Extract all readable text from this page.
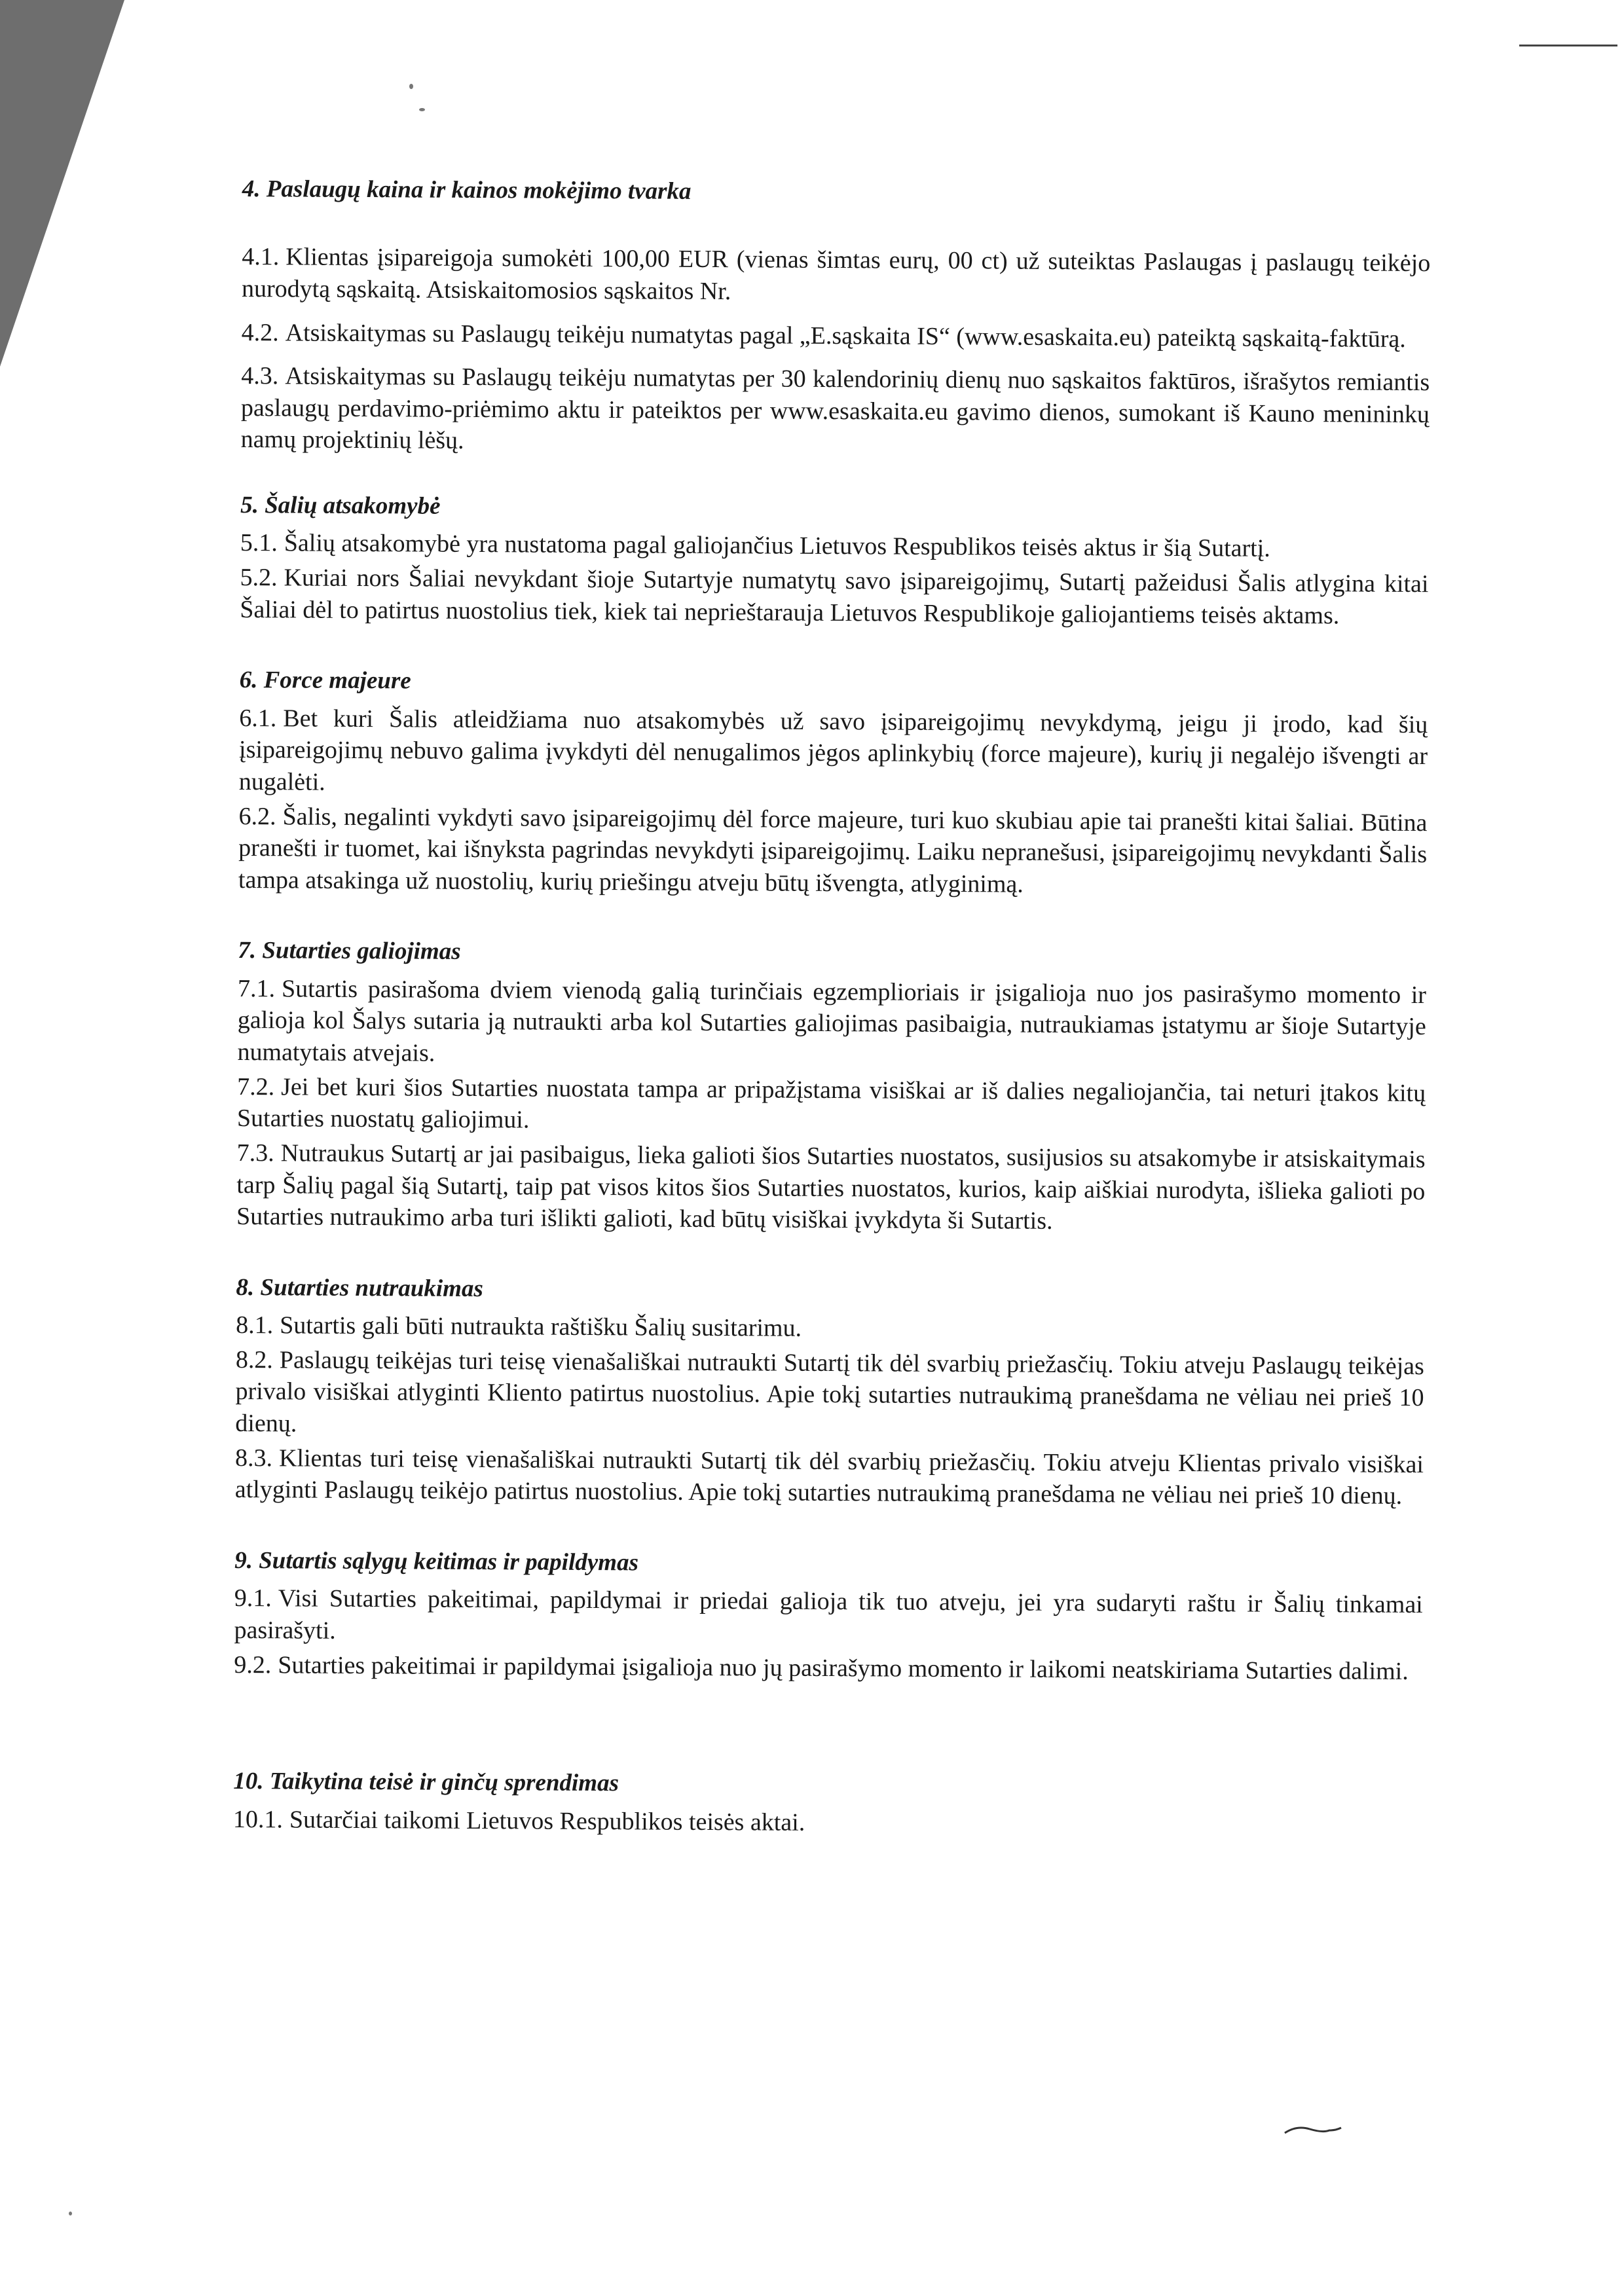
4. Paslaugų kaina ir kainos mokėjimo tvarka

4.1. Klientas įsipareigoja sumokėti 100,00 EUR (vienas šimtas eurų, 00 ct) už suteiktas Paslaugas į paslaugų teikėjo nurodytą sąskaitą. Atsiskaitomosios sąskaitos Nr.

4.2. Atsiskaitymas su Paslaugų teikėju numatytas pagal „E.sąskaita IS“ (www.esaskaita.eu) pateiktą sąskaitą-faktūrą.

4.3. Atsiskaitymas su Paslaugų teikėju numatytas per 30 kalendorinių dienų nuo sąskaitos faktūros, išrašytos remiantis paslaugų perdavimo-priėmimo aktu ir pateiktos per www.esaskaita.eu gavimo dienos, sumokant iš Kauno menininkų namų projektinių lėšų.

5. Šalių atsakomybė

5.1. Šalių atsakomybė yra nustatoma pagal galiojančius Lietuvos Respublikos teisės aktus ir šią Sutartį.

5.2. Kuriai nors Šaliai nevykdant šioje Sutartyje numatytų savo įsipareigojimų, Sutartį pažeidusi Šalis atlygina kitai Šaliai dėl to patirtus nuostolius tiek, kiek tai neprieštarauja Lietuvos Respublikoje galiojantiems teisės aktams.

6. Force majeure

6.1. Bet kuri Šalis atleidžiama nuo atsakomybės už savo įsipareigojimų nevykdymą, jeigu ji įrodo, kad šių įsipareigojimų nebuvo galima įvykdyti dėl nenugalimos jėgos aplinkybių (force majeure), kurių ji negalėjo išvengti ar nugalėti.

6.2. Šalis, negalinti vykdyti savo įsipareigojimų dėl force majeure, turi kuo skubiau apie tai pranešti kitai šaliai. Būtina pranešti ir tuomet, kai išnyksta pagrindas nevykdyti įsipareigojimų. Laiku nepranešusi, įsipareigojimų nevykdanti Šalis tampa atsakinga už nuostolių, kurių priešingu atveju būtų išvengta, atlyginimą.

7. Sutarties galiojimas

7.1. Sutartis pasirašoma dviem vienodą galią turinčiais egzemplioriais ir įsigalioja nuo jos pasirašymo momento ir galioja kol Šalys sutaria ją nutraukti arba kol Sutarties galiojimas pasibaigia, nutraukiamas įstatymu ar šioje Sutartyje numatytais atvejais.

7.2. Jei bet kuri šios Sutarties nuostata tampa ar pripažįstama visiškai ar iš dalies negaliojančia, tai neturi įtakos kitų Sutarties nuostatų galiojimui.

7.3. Nutraukus Sutartį ar jai pasibaigus, lieka galioti šios Sutarties nuostatos, susijusios su atsakomybe ir atsiskaitymais tarp Šalių pagal šią Sutartį, taip pat visos kitos šios Sutarties nuostatos, kurios, kaip aiškiai nurodyta, išlieka galioti po Sutarties nutraukimo arba turi išlikti galioti, kad būtų visiškai įvykdyta ši Sutartis.

8. Sutarties nutraukimas

8.1. Sutartis gali būti nutraukta raštišku Šalių susitarimu.

8.2. Paslaugų teikėjas turi teisę vienašališkai nutraukti Sutartį tik dėl svarbių priežasčių. Tokiu atveju Paslaugų teikėjas privalo visiškai atlyginti Kliento patirtus nuostolius. Apie tokį sutarties nutraukimą pranešdama ne vėliau nei prieš 10 dienų.

8.3. Klientas turi teisę vienašališkai nutraukti Sutartį tik dėl svarbių priežasčių. Tokiu atveju Klientas privalo visiškai atlyginti Paslaugų teikėjo patirtus nuostolius. Apie tokį sutarties nutraukimą pranešdama ne vėliau nei prieš 10 dienų.

9. Sutartis sąlygų keitimas ir papildymas

9.1. Visi Sutarties pakeitimai, papildymai ir priedai galioja tik tuo atveju, jei yra sudaryti raštu ir Šalių tinkamai pasirašyti.

9.2. Sutarties pakeitimai ir papildymai įsigalioja nuo jų pasirašymo momento ir laikomi neatskiriama Sutarties dalimi.

10. Taikytina teisė ir ginčų sprendimas

10.1. Sutarčiai taikomi Lietuvos Respublikos teisės aktai.
